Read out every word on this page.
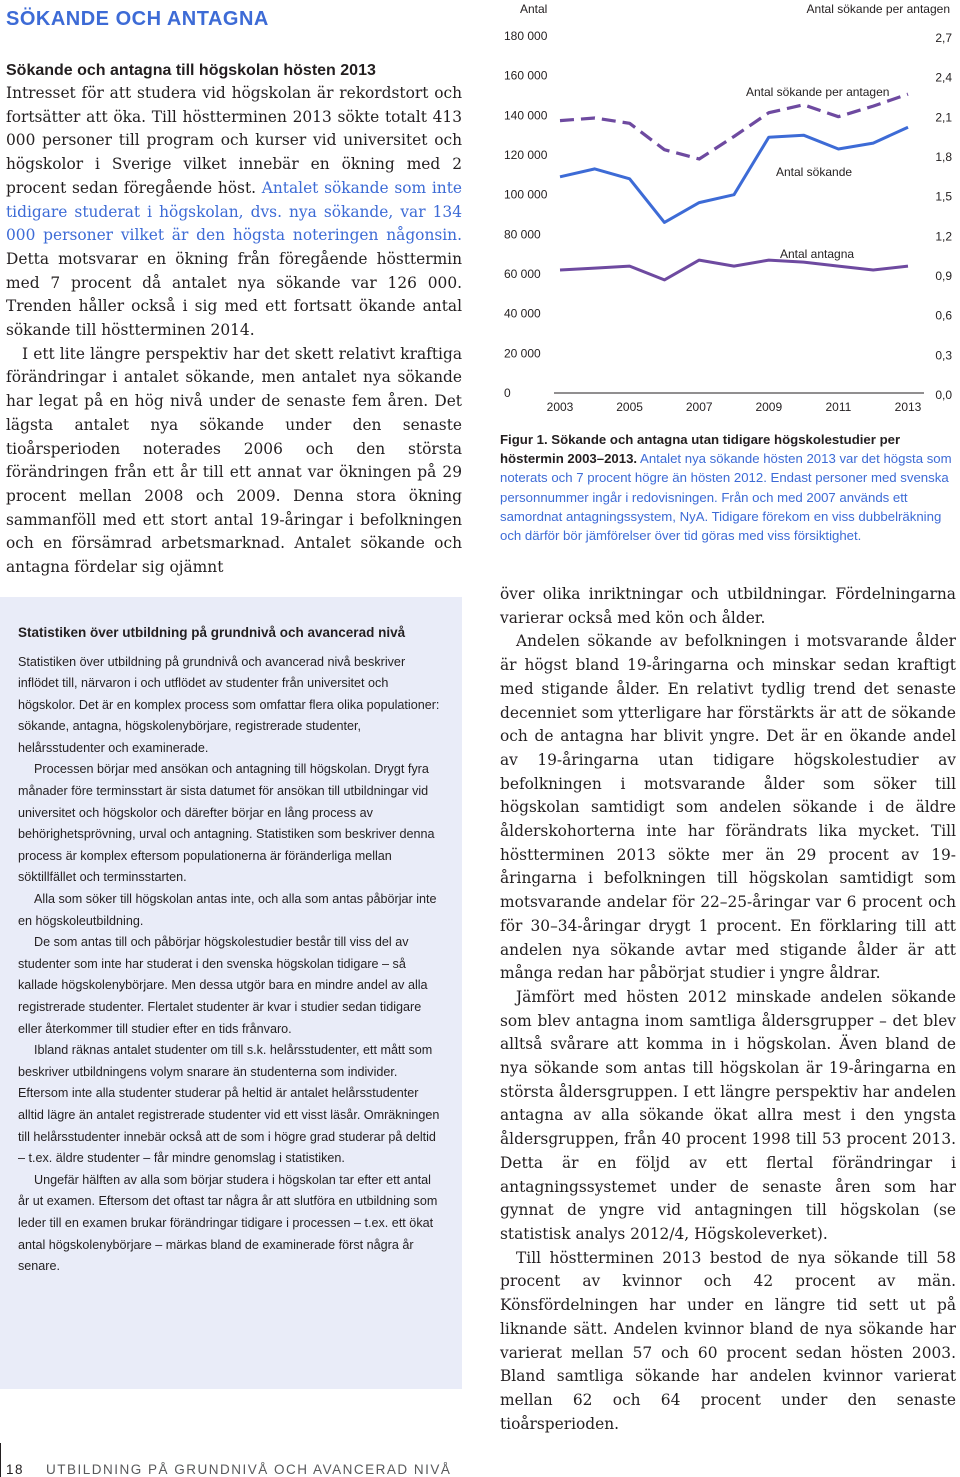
SÖKANDE OCH ANTAGNA

Sökande och antagna till högskolan hösten 2013

Intresset för att studera vid högskolan är rekordstort och fortsätter att öka. Till höstterminen 2013 sökte totalt 413 000 personer till program och kurser vid universitet och högskolor i Sverige vilket innebär en ökning med 2 procent sedan föregående höst. Antalet sökande som inte tidigare studerat i högskolan, dvs. nya sökande, var 134 000 personer vilket är den högsta noteringen någonsin. Detta motsvarar en ökning från föregående hösttermin med 7 procent då antalet nya sökande var 126 000. Trenden håller också i sig med ett fortsatt ökande antal sökande till höstterminen 2014.

I ett lite längre perspektiv har det skett relativt kraftiga förändringar i antalet sökande, men antalet nya sökande har legat på en hög nivå under de senaste fem åren. Det lägsta antalet nya sökande under den senaste tioårsperioden noterades 2006 och den största förändringen från ett år till ett annat var ökningen på 29 procent mellan 2008 och 2009. Denna stora ökning sammanföll med ett stort antal 19-åringar i befolkningen och en försämrad arbetsmarknad. Antalet sökande och antagna fördelar sig ojämnt

Antal	Antal sökande per antagen
0
20 000
40 000
60 000
80 000
100 000
120 000
140 000
160 000
180 000
0,0
0,3
0,6
0,9
1,2
1,5
1,8
2,1
2,4
2,7
2003	2005	2007	2009	2011	2013
Antal sökande per antagen
Antal sökande
Antal antagna
Figur 1. Sökande och antagna utan tidigare högskolestudier per höstermin 2003–2013. Antalet nya sökande hösten 2013 var det högsta som noterats och 7 procent högre än hösten 2012. Endast personer med svenska personnummer ingår i redovisningen. Från och med 2007 används ett samordnat antagningssystem, NyA. Tidigare förekom en viss dubbelräkning och därför bör jämförelser över tid göras med viss försiktighet.

Statistiken över utbildning på grundnivå och avancerad nivå

Statistiken över utbildning på grundnivå och avancerad nivå beskriver inflödet till, närvaron i och utflödet av studenter från universitet och högskolor. Det är en komplex process som omfattar flera olika populationer: sökande, antagna, högskolenybörjare, registrerade studenter, helårsstudenter och examinerade.

Processen börjar med ansökan och antagning till högskolan. Drygt fyra månader före terminsstart är sista datumet för ansökan till utbildningar vid universitet och högskolor och därefter börjar en lång process av behörighetsprövning, urval och antagning. Statistiken som beskriver denna process är komplex eftersom populationerna är föränderliga mellan söktillfället och terminsstarten.

Alla som söker till högskolan antas inte, och alla som antas påbörjar inte en högskoleutbildning.

De som antas till och påbörjar högskolestudier består till viss del av studenter som inte har studerat i den svenska högskolan tidigare – så kallade högskolenybörjare. Men dessa utgör bara en mindre andel av alla registrerade studenter. Flertalet studenter är kvar i studier sedan tidigare eller återkommer till studier efter en tids frånvaro.

Ibland räknas antalet studenter om till s.k. helårsstudenter, ett mått som beskriver utbildningens volym snarare än studenterna som individer. Eftersom inte alla studenter studerar på heltid är antalet helårsstudenter alltid lägre än antalet registrerade studenter vid ett visst läsår. Omräkningen till helårsstudenter innebär också att de som i högre grad studerar på deltid – t.ex. äldre studenter – får mindre genomslag i statistiken.

Ungefär hälften av alla som börjar studera i högskolan tar efter ett antal år ut examen. Eftersom det oftast tar några år att slutföra en utbildning som leder till en examen brukar förändringar tidigare i processen – t.ex. ett ökat antal högskolenybörjare – märkas bland de examinerade först några år senare.

över olika inriktningar och utbildningar. Fördelningarna varierar också med kön och ålder.

Andelen sökande av befolkningen i motsvarande ålder är högst bland 19-åringarna och minskar sedan kraftigt med stigande ålder. En relativt tydlig trend det senaste decenniet som ytterligare har förstärkts är att de sökande och de antagna har blivit yngre. Det är en ökande andel av 19-åringarna utan tidigare högskolestudier av befolkningen i motsvarande ålder som söker till högskolan samtidigt som andelen sökande i de äldre ålderskohorterna inte har förändrats lika mycket. Till höstterminen 2013 sökte mer än 29 procent av 19-åringarna i befolkningen till högskolan samtidigt som motsvarande andelar för 22–25-åringar var 6 procent och för 30–34-åringar drygt 1 procent. En förklaring till att andelen nya sökande avtar med stigande ålder är att många redan har påbörjat studier i yngre åldrar.

Jämfört med hösten 2012 minskade andelen sökande som blev antagna inom samtliga åldersgrupper – det blev alltså svårare att komma in i högskolan. Även bland de nya sökande som antas till högskolan är 19-åringarna en största åldersgruppen. I ett längre perspektiv har andelen antagna av alla sökande ökat allra mest i den yngsta åldersgruppen, från 40 procent 1998 till 53 procent 2013. Detta är en följd av ett flertal förändringar i antagningssystemet under de senaste åren som har gynnat de yngre vid antagningen till högskolan (se statistisk analys 2012/4, Högskoleverket).

Till höstterminen 2013 bestod de nya sökande till 58 procent av kvinnor och 42 procent av män. Könsfördelningen har under en längre tid sett ut på liknande sätt. Andelen kvinnor bland de nya sökande har varierat mellan 57 och 60 procent sedan hösten 2003. Bland samtliga sökande har andelen kvinnor varierat mellan 62 och 64 procent under den senaste tioårsperioden.

18 UTBILDNING PÅ GRUNDNIVÅ OCH AVANCERAD NIVÅ
